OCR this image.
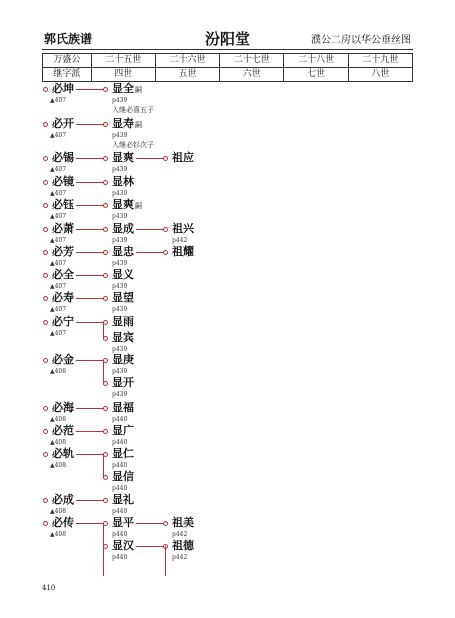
郭氏族谱	汾阳堂	濮公二房以华公垂丝图
万盛公	二十五世	二十六世	二十七世	二十八世	二十九世
继字派	四世	五世	六世	七世	八世
必坤
▲407
必开
▲407
必锡
▲407
必镜
▲407
必钰
▲407
必萧
▲407
必芳
▲407
必全
▲407
必寿
▲407
必宁
▲407
必金
▲408
必海
▲408
必范
▲408
必轨
▲408
必成
▲408
必传
▲408
显全嗣
p439
入继必喜五子
显寿嗣
p439
入继必钐次子
显爽
p439
显林
p439
显爽嗣
p439
显成
p439
显忠
p439
显义
p439
显望
p439
显雨
显宾
p439
显庚
p439
显开
p439
显福
p440
显广
p440
显仁
p440
显信
p440
显礼
p440
显平
p440
显汉
p440
祖应
祖兴
p442
祖耀
祖美
p442
祖德
p442
410
